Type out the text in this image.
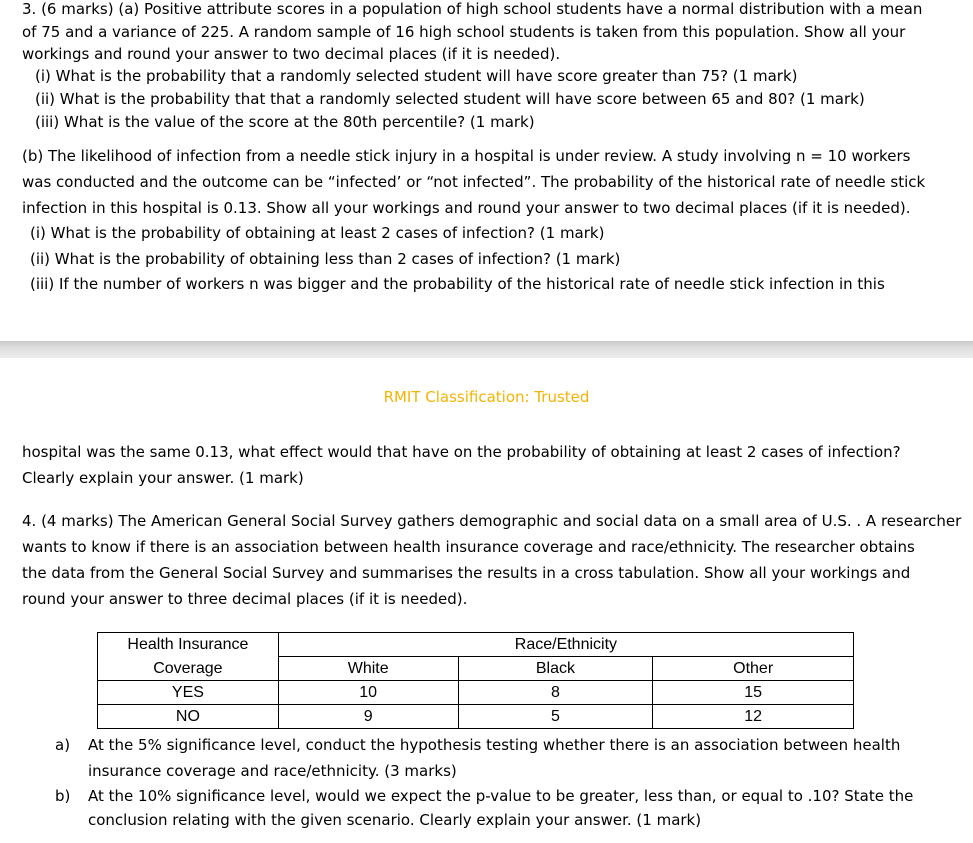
3. (6 marks) (a) Positive attribute scores in a population of high school students have a normal distribution with a mean

of 75 and a variance of 225. A random sample of 16 high school students is taken from this population. Show all your

workings and round your answer to two decimal places (if it is needed).

(i) What is the probability that a randomly selected student will have score greater than 75? (1 mark)

(ii) What is the probability that that a randomly selected student will have score between 65 and 80? (1 mark)

(iii) What is the value of the score at the 80th percentile? (1 mark)

(b) The likelihood of infection from a needle stick injury in a hospital is under review. A study involving n = 10 workers

was conducted and the outcome can be “infected’ or “not infected”. The probability of the historical rate of needle stick

infection in this hospital is 0.13. Show all your workings and round your answer to two decimal places (if it is needed).

(i) What is the probability of obtaining at least 2 cases of infection? (1 mark)

(ii) What is the probability of obtaining less than 2 cases of infection? (1 mark)

(iii) If the number of workers n was bigger and the probability of the historical rate of needle stick infection in this

RMIT Classification: Trusted

hospital was the same 0.13, what effect would that have on the probability of obtaining at least 2 cases of infection?

Clearly explain your answer. (1 mark)

4. (4 marks) The American General Social Survey gathers demographic and social data on a small area of U.S. . A researcher

wants to know if there is an association between health insurance coverage and race/ethnicity. The researcher obtains

the data from the General Social Survey and summarises the results in a cross tabulation. Show all your workings and

round your answer to three decimal places (if it is needed).

Health Insurance	Race/Ethnicity		
Coverage	White	Black	Other
YES	10	8	15
NO	9	5	12

a) At the 5% significance level, conduct the hypothesis testing whether there is an association between health

insurance coverage and race/ethnicity. (3 marks)

b) At the 10% significance level, would we expect the p-value to be greater, less than, or equal to .10? State the

conclusion relating with the given scenario. Clearly explain your answer. (1 mark)
